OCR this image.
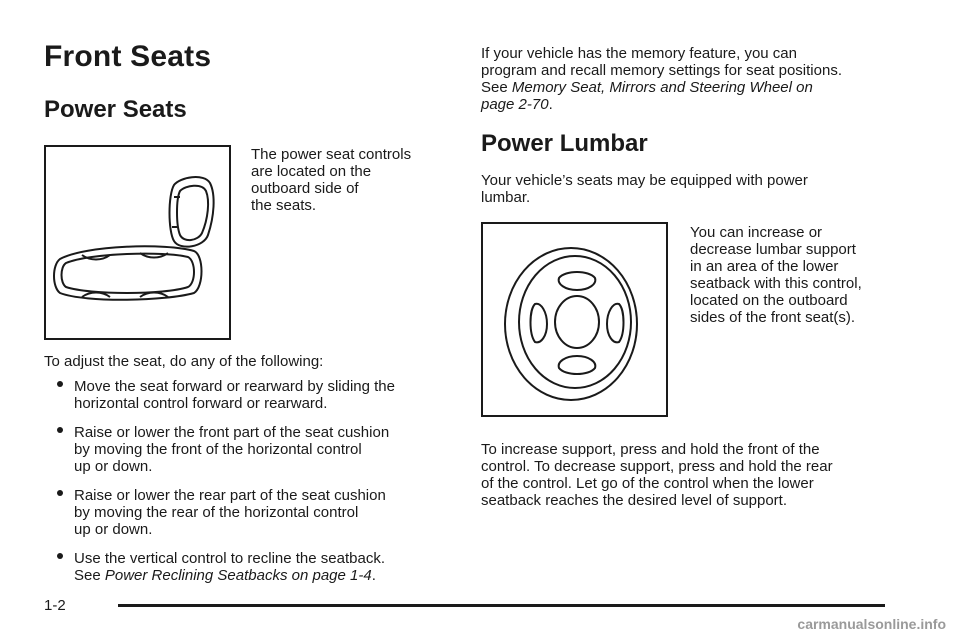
Front Seats
Power Seats
The power seat controls
are located on the
outboard side of
the seats.
To adjust the seat, do any of the following:
Move the seat forward or rearward by sliding the
horizontal control forward or rearward.
Raise or lower the front part of the seat cushion
by moving the front of the horizontal control
up or down.
Raise or lower the rear part of the seat cushion
by moving the rear of the horizontal control
up or down.
Use the vertical control to recline the seatback.
See Power Reclining Seatbacks on page 1-4.
If your vehicle has the memory feature, you can
program and recall memory settings for seat positions.
See Memory Seat, Mirrors and Steering Wheel on
page 2-70.
Power Lumbar
Your vehicle’s seats may be equipped with power
lumbar.
You can increase or
decrease lumbar support
in an area of the lower
seatback with this control,
located on the outboard
sides of the front seat(s).
To increase support, press and hold the front of the
control. To decrease support, press and hold the rear
of the control. Let go of the control when the lower
seatback reaches the desired level of support.
1-2
carmanualsonline.info
